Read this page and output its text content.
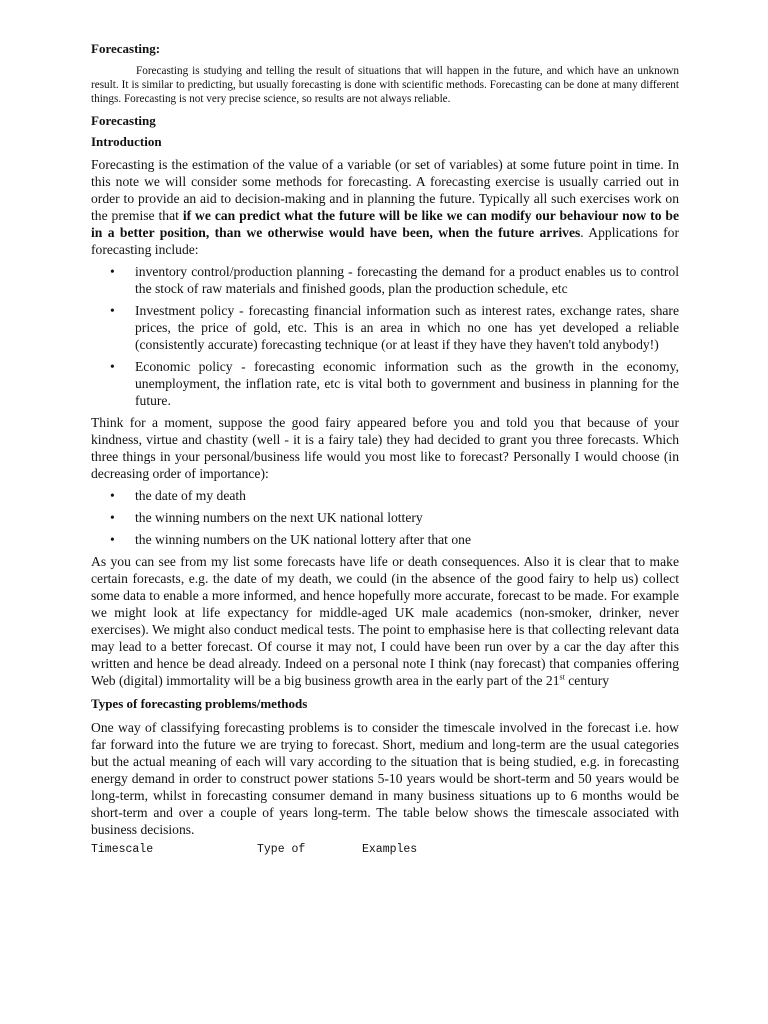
Forecasting:

Forecasting is studying and telling the result of situations that will happen in the future, and which have an unknown result. It is similar to predicting, but usually forecasting is done with scientific methods. Forecasting can be done at many different things. Forecasting is not very precise science, so results are not always reliable.

Forecasting
Introduction

Forecasting is the estimation of the value of a variable (or set of variables) at some future point in time. In this note we will consider some methods for forecasting. A forecasting exercise is usually carried out in order to provide an aid to decision-making and in planning the future. Typically all such exercises work on the premise that if we can predict what the future will be like we can modify our behaviour now to be in a better position, than we otherwise would have been, when the future arrives. Applications for forecasting include:

• inventory control/production planning - forecasting the demand for a product enables us to control the stock of raw materials and finished goods, plan the production schedule, etc
• Investment policy - forecasting financial information such as interest rates, exchange rates, share prices, the price of gold, etc. This is an area in which no one has yet developed a reliable (consistently accurate) forecasting technique (or at least if they have they haven't told anybody!)
• Economic policy - forecasting economic information such as the growth in the economy, unemployment, the inflation rate, etc is vital both to government and business in planning for the future.

Think for a moment, suppose the good fairy appeared before you and told you that because of your kindness, virtue and chastity (well - it is a fairy tale) they had decided to grant you three forecasts. Which three things in your personal/business life would you most like to forecast? Personally I would choose (in decreasing order of importance):

• the date of my death
• the winning numbers on the next UK national lottery
• the winning numbers on the UK national lottery after that one

As you can see from my list some forecasts have life or death consequences. Also it is clear that to make certain forecasts, e.g. the date of my death, we could (in the absence of the good fairy to help us) collect some data to enable a more informed, and hence hopefully more accurate, forecast to be made. For example we might look at life expectancy for middle-aged UK male academics (non-smoker, drinker, never exercises). We might also conduct medical tests. The point to emphasise here is that collecting relevant data may lead to a better forecast. Of course it may not, I could have been run over by a car the day after this written and hence be dead already. Indeed on a personal note I think (nay forecast) that companies offering Web (digital) immortality will be a big business growth area in the early part of the 21st century

Types of forecasting problems/methods

One way of classifying forecasting problems is to consider the timescale involved in the forecast i.e. how far forward into the future we are trying to forecast. Short, medium and long-term are the usual categories but the actual meaning of each will vary according to the situation that is being studied, e.g. in forecasting energy demand in order to construct power stations 5-10 years would be short-term and 50 years would be long-term, whilst in forecasting consumer demand in many business situations up to 6 months would be short-term and over a couple of years long-term. The table below shows the timescale associated with business decisions.

Timescale	Type of	Examples
